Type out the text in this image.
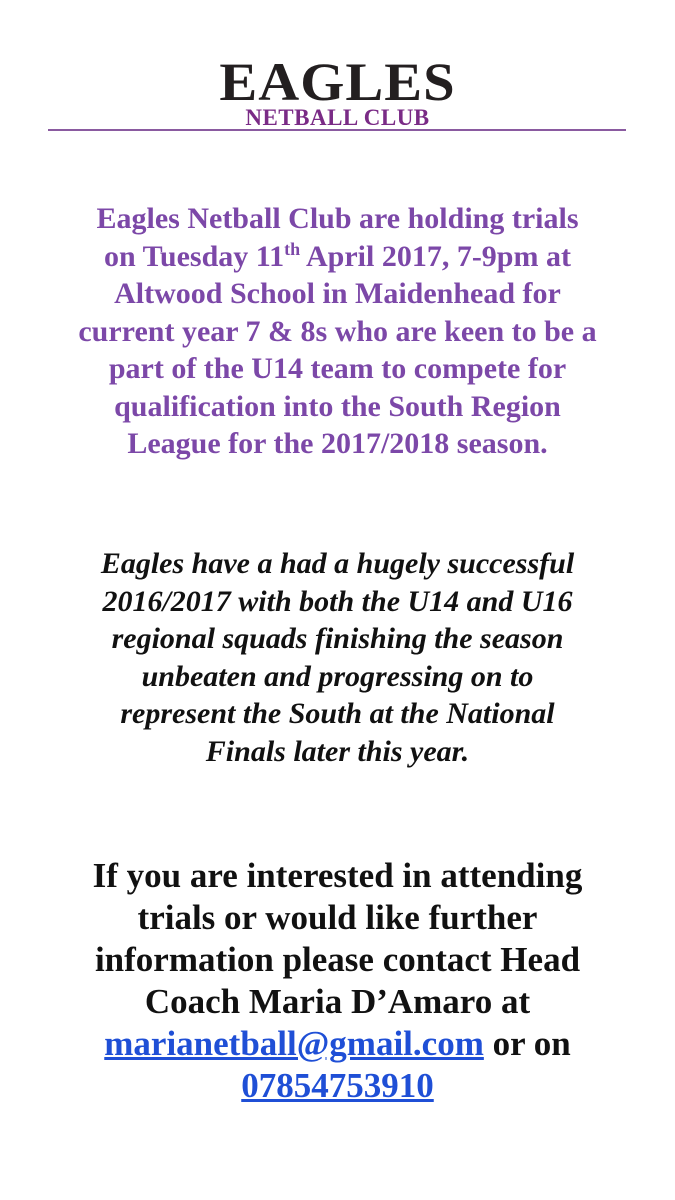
EAGLES
NETBALL CLUB
Eagles Netball Club are holding trials
on Tuesday 11th April 2017, 7-9pm at
Altwood School in Maidenhead for
current year 7 & 8s who are keen to be a
part of the U14 team to compete for
qualification into the South Region
League for the 2017/2018 season.
Eagles have a had a hugely successful
2016/2017 with both the U14 and U16
regional squads finishing the season
unbeaten and progressing on to
represent the South at the National
Finals later this year.
If you are interested in attending
trials or would like further
information please contact Head
Coach Maria D’Amaro at
marianetball@gmail.com or on
07854753910
